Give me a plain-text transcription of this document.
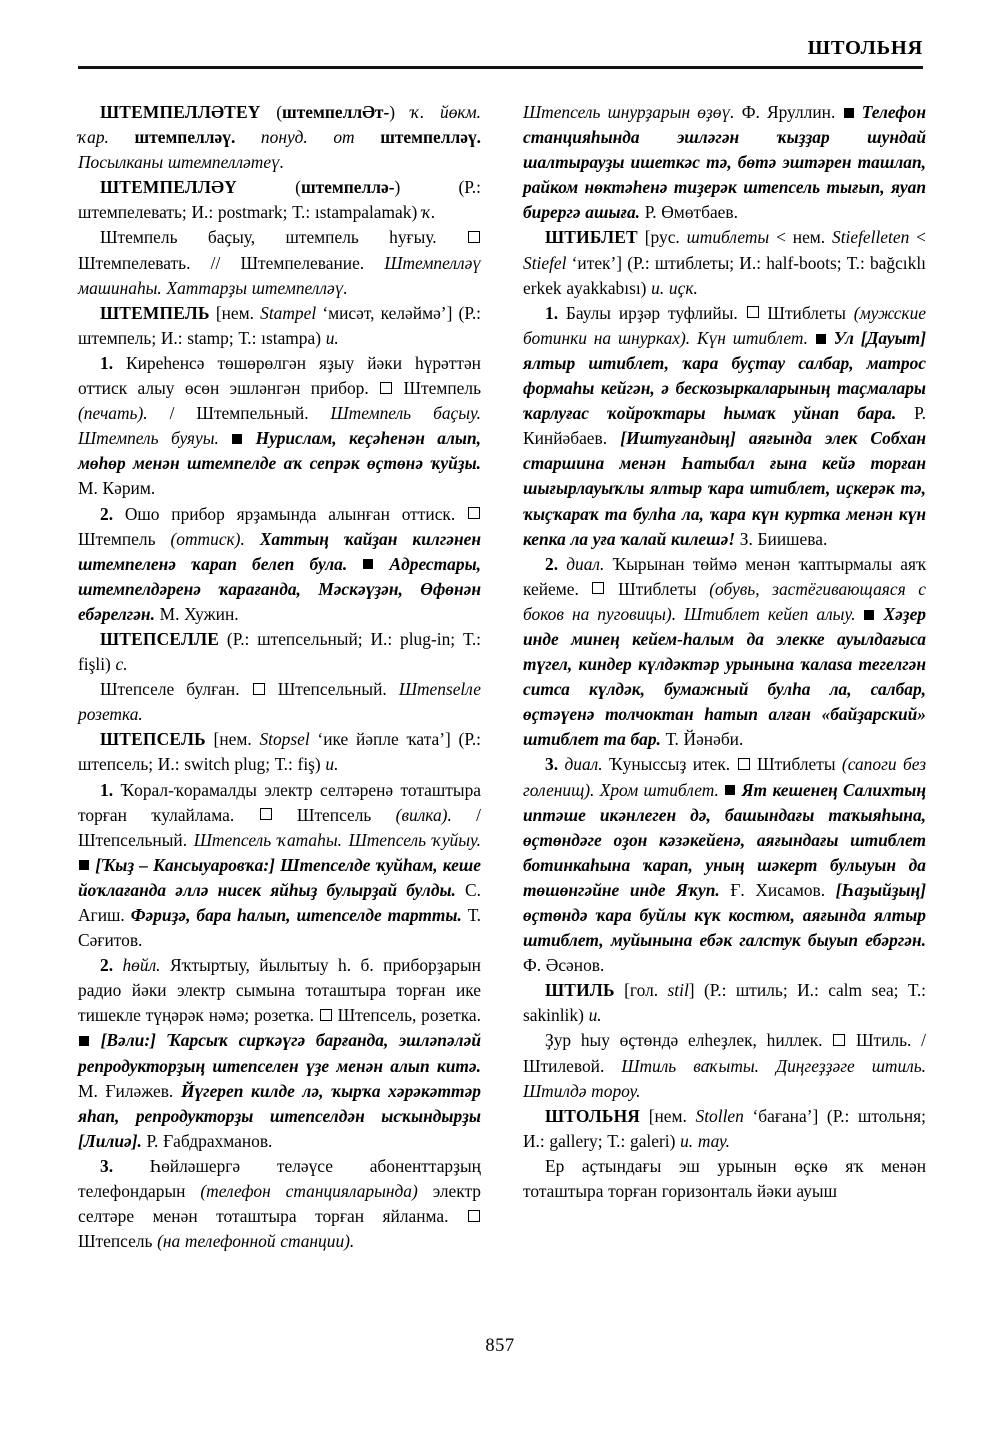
ШТОЛЬНЯ

ШТЕМПЕЛЛӘТЕҮ (штемпеллӘт-) ҡ. йөкм. ҡар. штемпелләү. понуд. от штемпелләү. Посылканы штемпелләтеү.

ШТЕМПЕЛЛӘҮ (штемпеллә-) (Р.: штемпелевать; И.: postmark; Т.: ıstampalamak) ҡ.

Штемпель баҫыу, штемпель һуғыу.  Штемпелевать. // Штемпелевание. Штемпелләү машинаһы. Хаттарҙы штемпелләү.

ШТЕМПЕЛЬ [нем. Stampel ‘мисәт, келәймә’] (Р.: штемпель; И.: stamp; Т.: ıstampa) и.

1. Киреһенсә төшөрөлгән яҙыу йәки һүрәттән оттиск алыу өсөн эшләнгән прибор.  Штемпель (печать). / Штемпельный. Штемпель баҫыу. Штемпель буяуы. Нурислам, кеҫәһенән алып, мөһөр менән штемпелде аҡ сепрәк өҫтөнә ҡуйҙы. М. Кәрим.

2. Ошо прибор ярҙамында алынған оттиск.  Штемпель (оттиск). Хаттың ҡайҙан килгәнен штемпеленә ҡарап белеп була. Адрестары, штемпелдәренә ҡарағанда, Мәскәүҙән, Өфөнән ебәрелгән. М. Хужин.

ШТЕПСЕЛЛЕ (Р.: штепсельный; И.: plug-in; Т.: fişli) с.

Штепселе булған.  Штепсельный. Штепselле розетка.

ШТЕПСЕЛЬ [нем. Stopsel ‘ике йәпле ҡата’] (Р.: штепсель; И.: switch plug; Т.: fiş) и.

1. Ҡорал-ҡорамалды электр селтәренә тоташтыра торған ҡулайлама.  Штепсель (вилка). / Штепсельный. Штепсель ҡатаһы. Штепсель ҡуйыу.  [Ҡыҙ – Кансыуаровҡа:] Штепселде ҡуйһам, кеше йоҡлағанда әллә нисек яйһыҙ булырҙай булды. С. Агиш. Фәриҙә, бара һалып, штепселде тартты. Т. Сәғитов.

2. һөйл. Яҡтыртыу, йылытыу һ. б. приборҙарын радио йәки электр сымына тоташтыра торған ике тишекле түңәрәк нәмә; розетка.  Штепсель, розетка.  [Вәли:] Ҡарсыҡ сирҡәүгә барғанда, эшләпәләй репродукторҙың штепселен үҙе менән алып китә. М. Ғиләжев. Йүгереп килде лә, ҡырҡа хәрәкәттәр яһап, репродукторҙы штепселдән ысҡындырҙы [Лилиә]. Р. Ғабдрахманов.

3. Һөйләшергә теләүсе абоненттарҙың телефондарын (телефон станцияларында) электр селтәре менән тоташтыра торған яйланма.  Штепсель (на телефонной станции).

Штепсель шнурҙарын өҙөү. Ф. Яруллин.  Телефон станцияһында эшләгән ҡыҙҙар шундай шалтырауҙы ишеткәс тә, бөтә эштәрен ташлап, райком нөктәһенә тиҙерәк штепсель тығып, яуап бирергә ашыға. Р. Өмөтбаев.

ШТИБЛЕТ [рус. штиблеты < нем. Stiefelleten < Stiefel ‘итек’] (Р.: штиблеты; И.: half-boots; Т.: bağcıklı erkek ayakkabısı) и. иҫк.

1. Баулы ирҙәр туфлийы.  Штиблеты (мужские ботинки на шнурках). Күн штиблет. Ул [Дауыт] ялтыр штиблет, ҡара буҫтау салбар, матрос формаһы кейгән, ә бескозыркаларының таҫмалары ҡарлуғас ҡойроҡтары һымаҡ уйнап бара. Р. Кинйәбаев. [Иштуғандың] аяғында элек Собхан старшина менән Һатыбал ғына кейә торған шығырлауыҡлы ялтыр ҡара штиблет, иҫкерәк тә, ҡыҫҡараҡ та булһа ла, ҡара күн куртка менән күн кепка ла уға ҡалай килешә! З. Биишева.

2. диал. Ҡырынан төймә менән ҡаптырмалы аяҡ кейеме.  Штиблеты (обувь, застёгивающаяся с боков на пуговицы). Штиблет кейеп алыу. Хәҙер инде минең кейем-һалым да элекке ауылдағыса түгел, киндер күлдәктәр урынына ҡалаsа тегелгән ситса күлдәк, бумажный булһа ла, салбар, өҫтәүенә толчоктан һатып алған «байҙарский» штиблет та бар. Т. Йәнәби.

3. диал. Ҡуныссыҙ итек.  Штиблеты (сапоги без голенищ). Хром штиблет. Ят кешенең Салихтың иптәше икәнлеген дә, башындағы таҡыяһына, өҫтөндәге оҙон кәзәкейенә, аяғындағы штиблет ботинкаһына ҡарап, уның шәкерт булыуын да төшөнгәйне инде Яҡуп. Ғ. Хисамов. [Һаҙыйҙың] өҫтөндә ҡара буйлы күк костюм, аяғында ялтыр штиблет, муйынына ебәк галстук быуып ебәргән. Ф. Әсәнов.

ШТИЛЬ [гол. stil] (Р.: штиль; И.: calm sea; Т.: sakinlik) и.

Ҙур һыу өҫтөндә елһеҙлек, һиллек.  Штиль. / Штилевой. Штиль ваҡыты. Диңгеҙҙәге штиль. Штилдә тороу.

ШТОЛЬНЯ [нем. Stollen ‘бағана’] (Р.: штольня; И.: gallery; Т.: galeri) и. тау.

Ер аҫтындағы эш урынын өҫкө яҡ менән тоташтыра торған горизонталь йәки ауыш

857
